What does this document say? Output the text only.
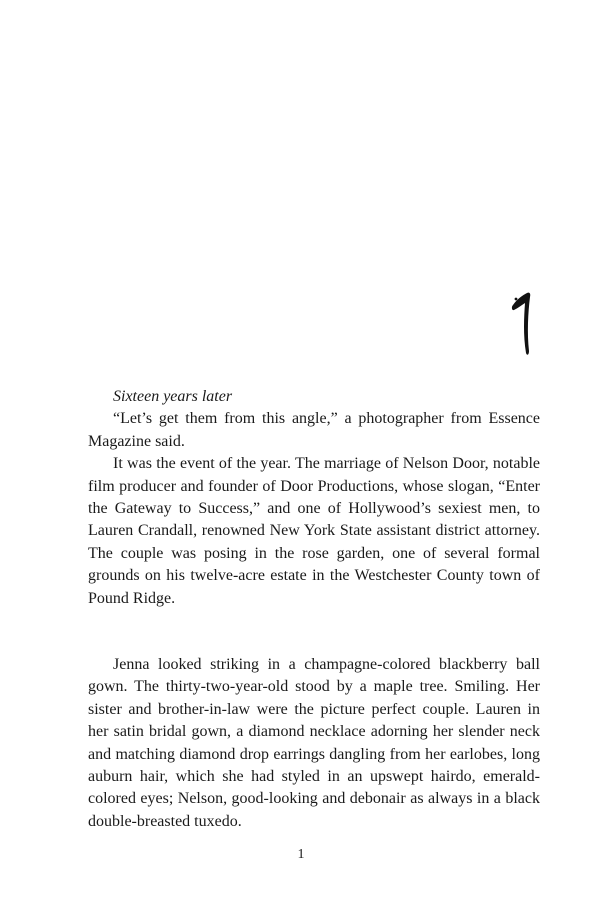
Sixteen years later

“Let’s get them from this angle,” a photographer from Essence Magazine said.

It was the event of the year. The marriage of Nelson Door, notable film producer and founder of Door Productions, whose slogan, “Enter the Gateway to Success,” and one of Hollywood’s sexiest men, to Lauren Crandall, renowned New York State assistant district attorney. The couple was posing in the rose garden, one of several formal grounds on his twelve-acre estate in the Westchester County town of Pound Ridge.

Jenna looked striking in a champagne-colored blackberry ball gown. The thirty-two-year-old stood by a maple tree. Smiling. Her sister and brother-in-law were the picture perfect couple. Lauren in her satin bridal gown, a diamond necklace adorning her slender neck and matching diamond drop earrings dangling from her earlobes, long auburn hair, which she had styled in an upswept hairdo, emerald-colored eyes; Nelson, good-looking and debonair as always in a black double-breasted tuxedo.

1
